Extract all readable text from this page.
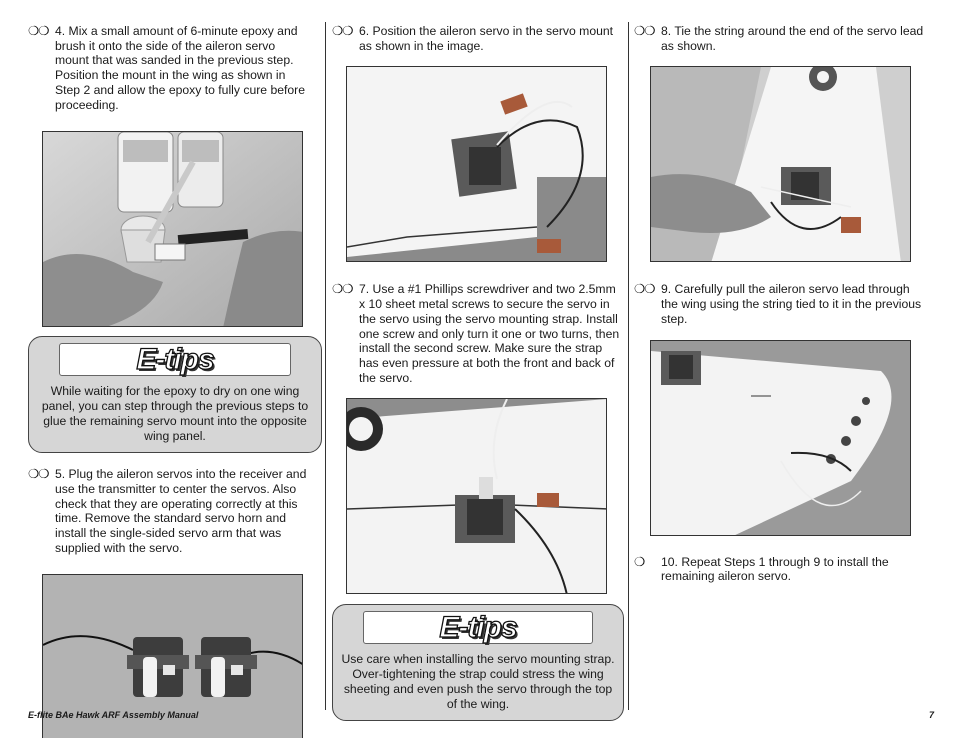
❍❍ 4. Mix a small amount of 6-minute epoxy and brush it onto the side of the aileron servo mount that was sanded in the previous step. Position the mount in the wing as shown in Step 2 and allow the epoxy to fully cure before proceeding.
E-tips
While waiting for the epoxy to dry on one wing panel, you can step through the previous steps to glue the remaining servo mount into the opposite wing panel.
❍❍ 5. Plug the aileron servos into the receiver and use the transmitter to center the servos. Also check that they are operating correctly at this time. Remove the standard servo horn and install the single-sided servo arm that was supplied with the servo.
❍❍ 6. Position the aileron servo in the servo mount as shown in the image.
❍❍ 7. Use a #1 Phillips screwdriver and two 2.5mm x 10 sheet metal screws to secure the servo in the servo using the servo mounting strap. Install one screw and only turn it one or two turns, then install the second screw. Make sure the strap has even pressure at both the front and back of the servo.
E-tips
Use care when installing the servo mounting strap. Over-tightening the strap could stress the wing sheeting and even push the servo through the top of the wing.
❍❍ 8. Tie the string around the end of the servo lead as shown.
❍❍ 9. Carefully pull the aileron servo lead through the wing using the string tied to it in the previous step.
❍ 10. Repeat Steps 1 through 9 to install the remaining aileron servo.
E-flite BAe Hawk ARF Assembly Manual	7
